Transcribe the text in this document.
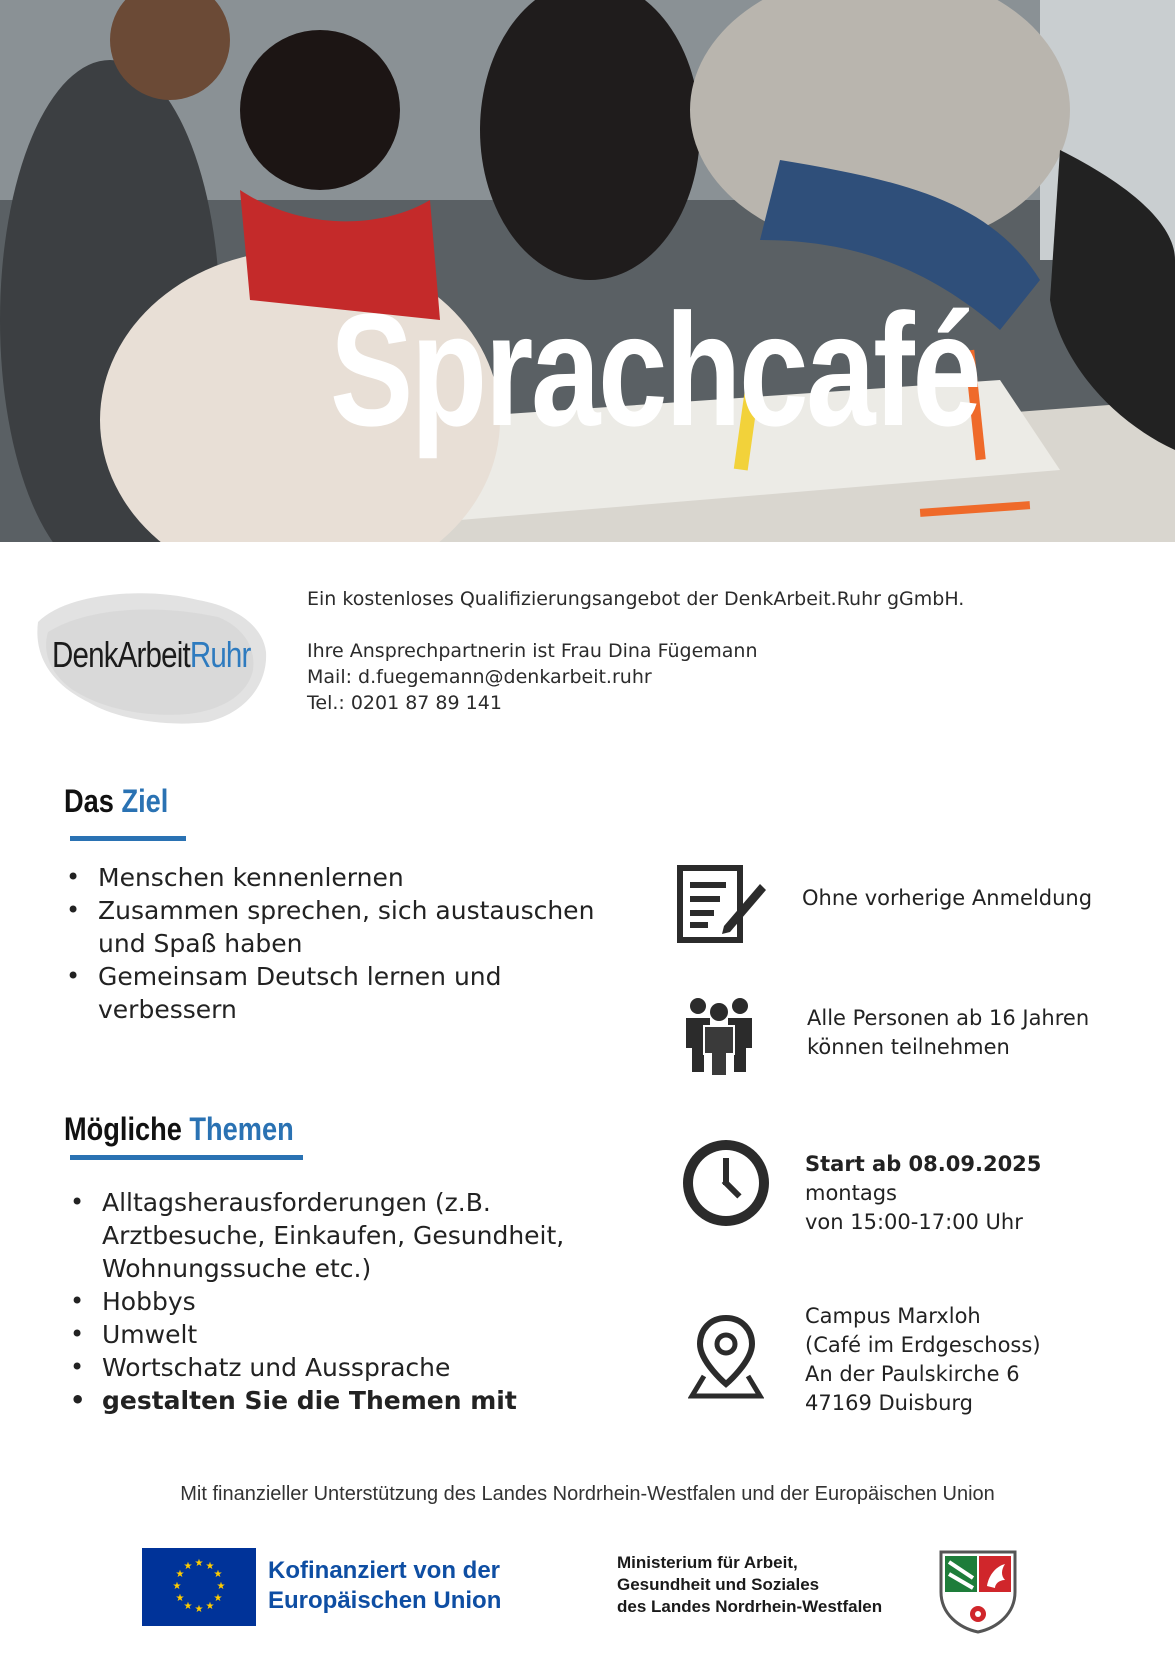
Sprachcafé
DenkArbeitRuhr
Ein kostenloses Qualifizierungsangebot der DenkArbeit.Ruhr gGmbH.
Ihre Ansprechpartnerin ist Frau Dina Fügemann
Mail: d.fuegemann@denkarbeit.ruhr
Tel.: 0201 87 89 141
Das Ziel
• Menschen kennenlernen
• Zusammen sprechen, sich austauschen und Spaß haben
• Gemeinsam Deutsch lernen und verbessern
Mögliche Themen
• Alltagsherausforderungen (z.B. Arztbesuche, Einkaufen, Gesundheit, Wohnungssuche etc.)
• Hobbys
• Umwelt
• Wortschatz und Aussprache
• gestalten Sie die Themen mit
Ohne vorherige Anmeldung
Alle Personen ab 16 Jahren
können teilnehmen
Start ab 08.09.2025
montags
von 15:00-17:00 Uhr
Campus Marxloh
(Café im Erdgeschoss)
An der Paulskirche 6
47169 Duisburg
Mit finanzieller Unterstützung des Landes Nordrhein-Westfalen und der Europäischen Union
★ ★
★
★
★
★
★
★
★
★
★
★	Kofinanziert von der
Europäischen Union
Ministerium für Arbeit,
Gesundheit und Soziales
des Landes Nordrhein-Westfalen
